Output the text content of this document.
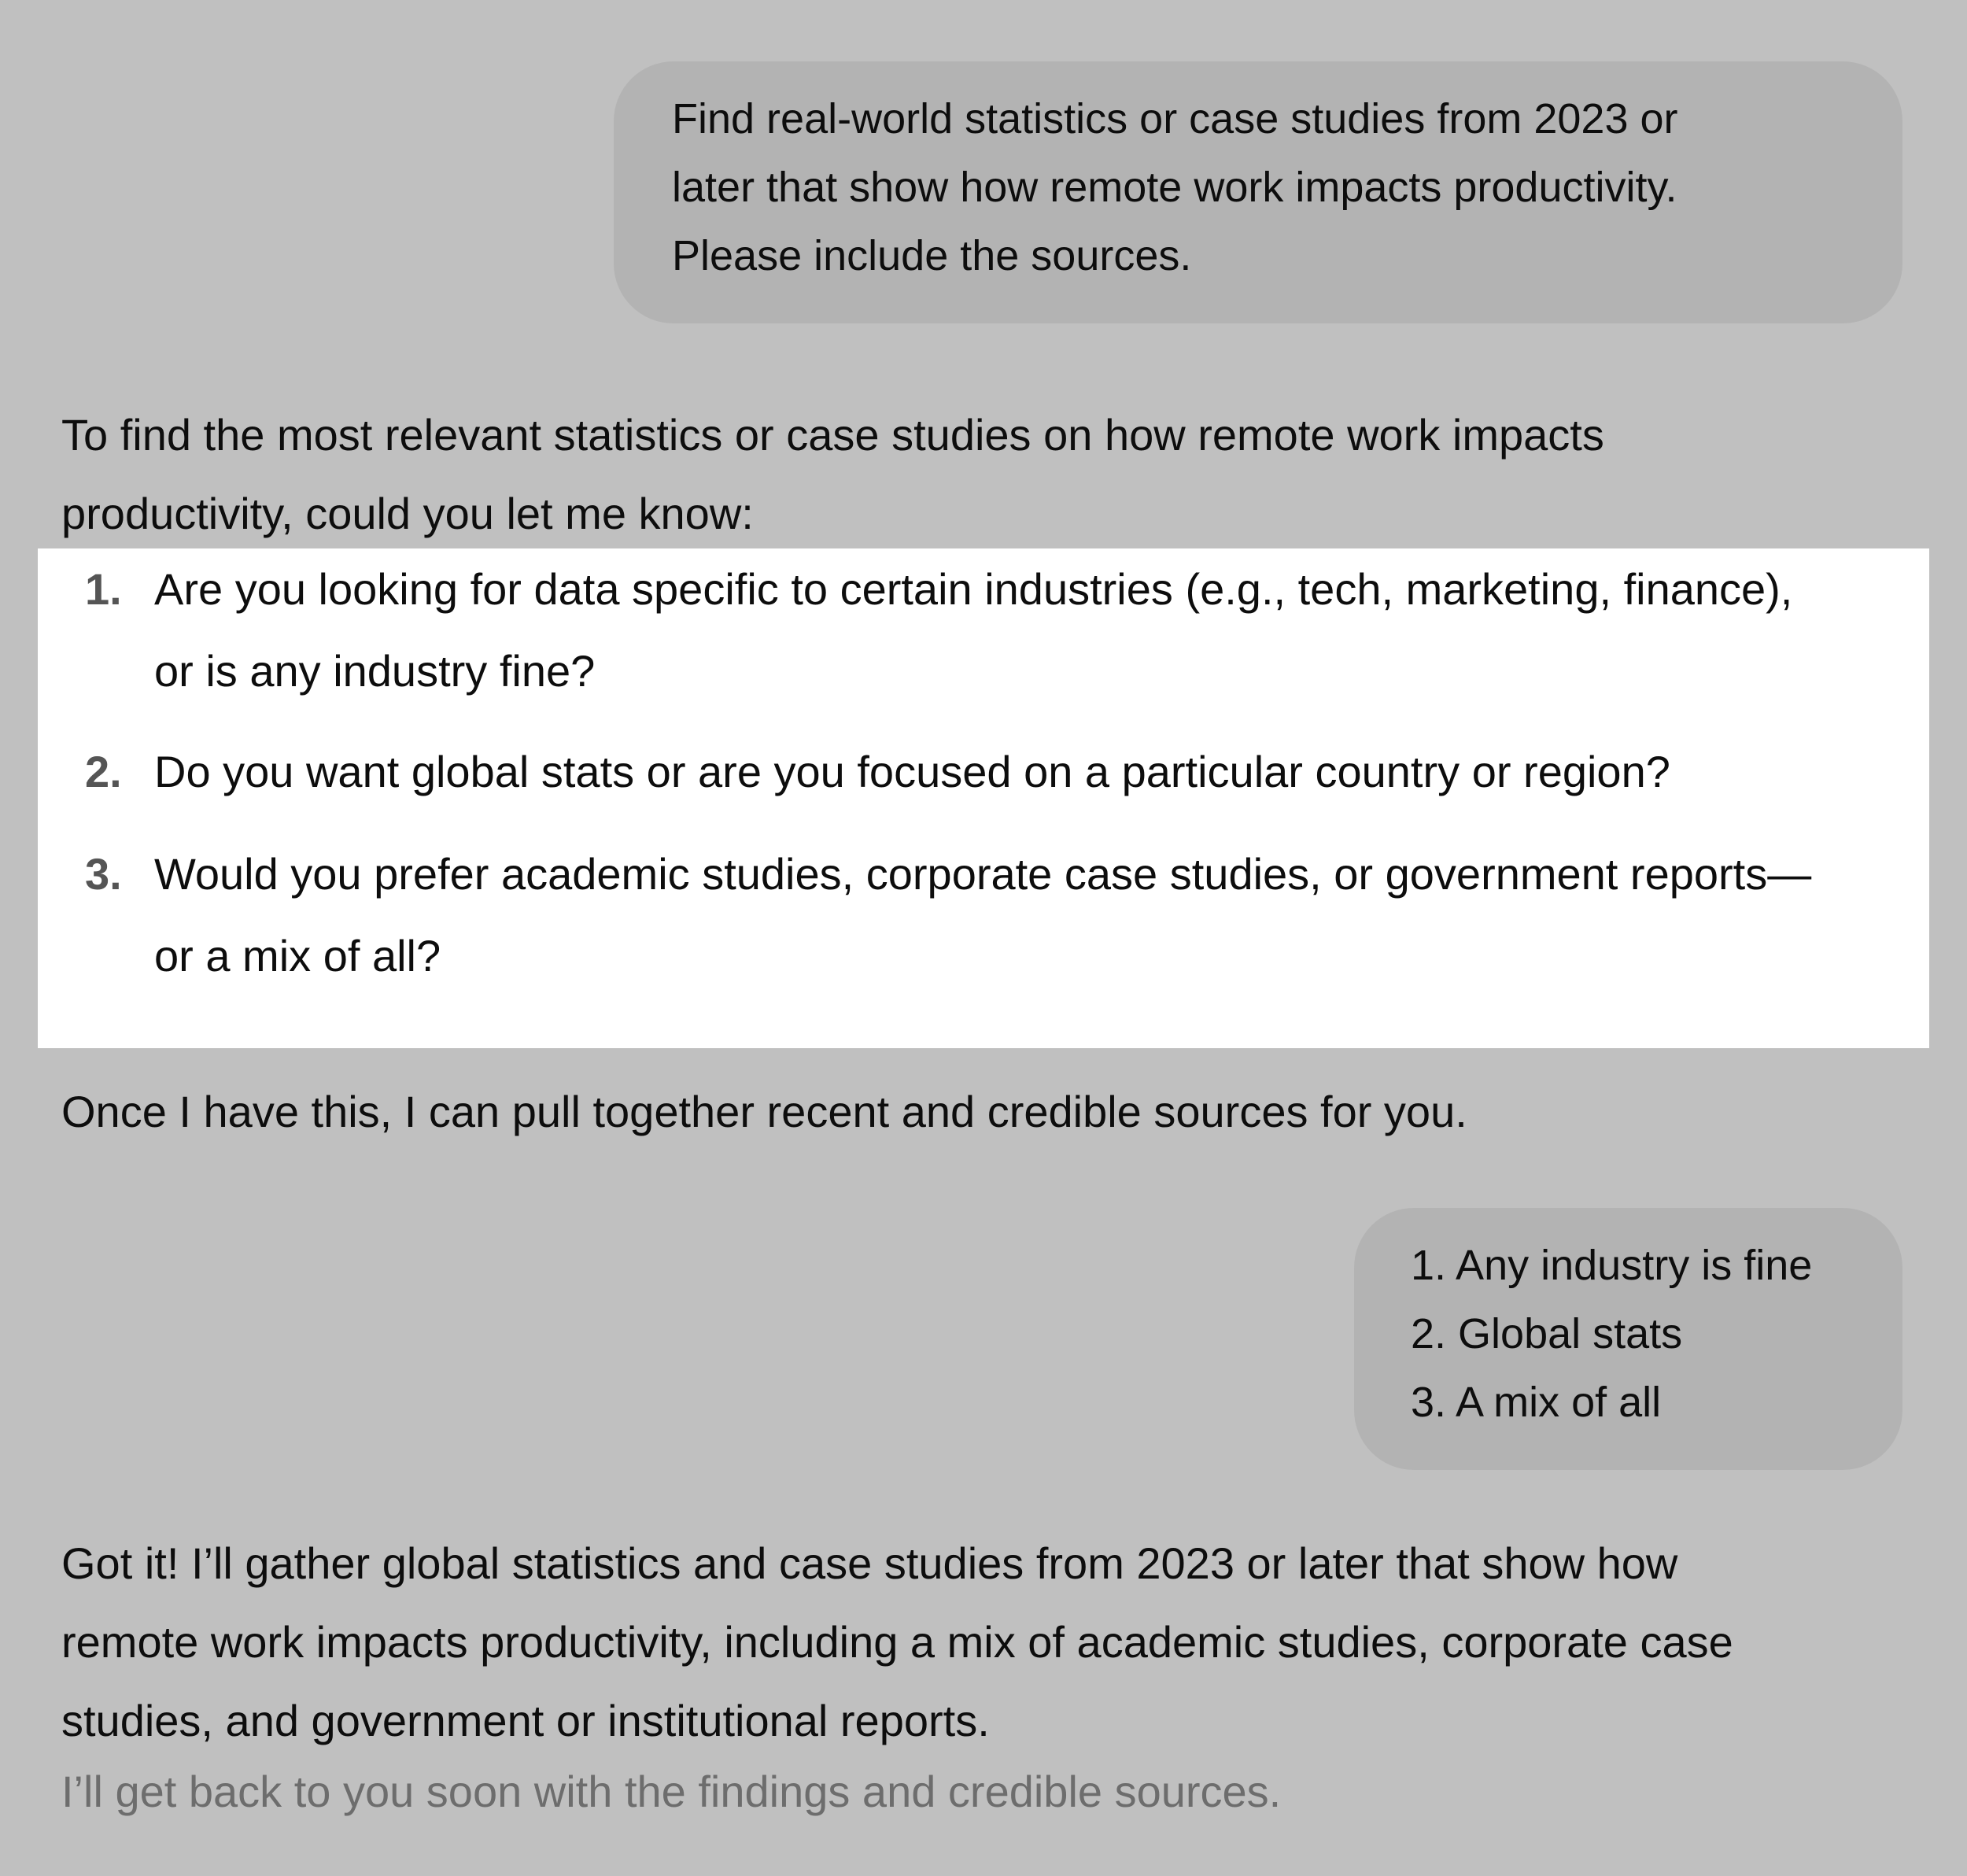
Find real-world statistics or case studies from 2023 or
later that show how remote work impacts productivity.
Please include the sources.

To find the most relevant statistics or case studies on how remote work impacts
productivity, could you let me know:

1. Are you looking for data specific to certain industries (e.g., tech, marketing, finance),
or is any industry fine?
2. Do you want global stats or are you focused on a particular country or region?
3. Would you prefer academic studies, corporate case studies, or government reports—
or a mix of all?

Once I have this, I can pull together recent and credible sources for you.

1. Any industry is fine
2. Global stats
3. A mix of all

Got it! I’ll gather global statistics and case studies from 2023 or later that show how
remote work impacts productivity, including a mix of academic studies, corporate case
studies, and government or institutional reports.

I’ll get back to you soon with the findings and credible sources.
